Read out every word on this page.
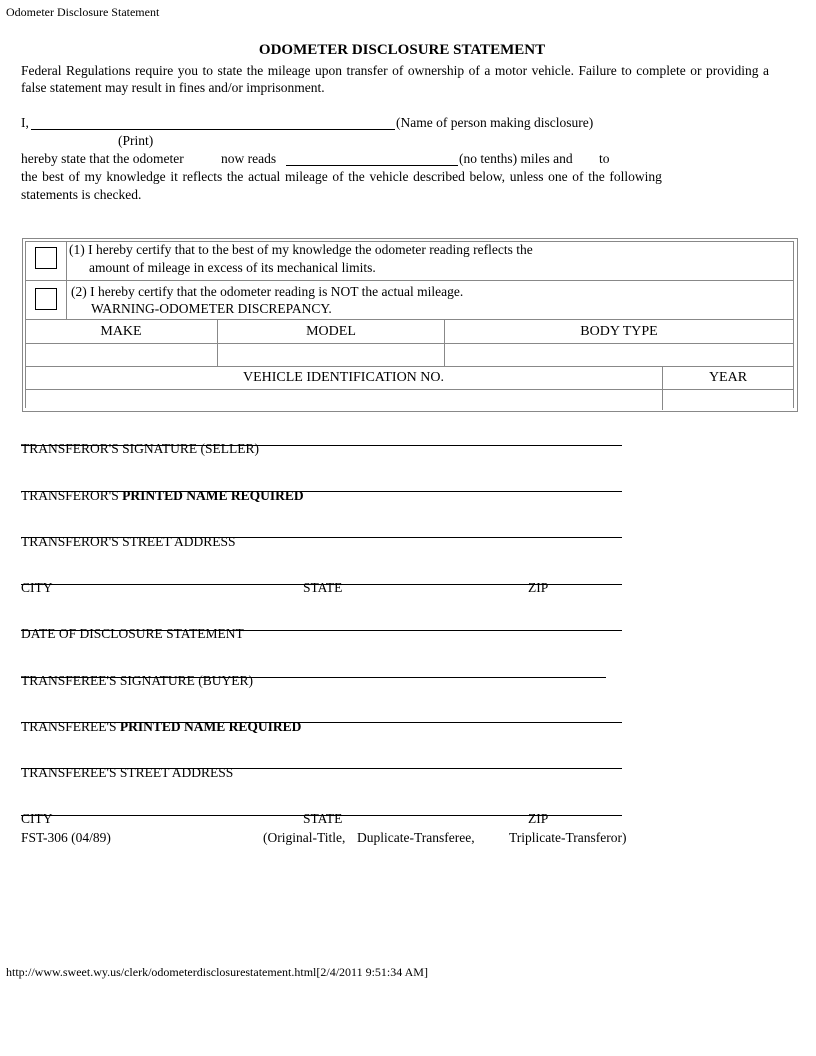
Odometer Disclosure Statement
ODOMETER DISCLOSURE STATEMENT
Federal Regulations require you to state the mileage upon transfer of ownership of a motor vehicle. Failure to complete or providing a false statement may result in fines and/or imprisonment.
I,	(Name of person making disclosure)
(Print)
hereby state that the odometer	now reads	(no tenths) miles and to
the best of my knowledge it reflects the actual mileage of the vehicle described below, unless one of the following
statements is checked.
(1) I hereby certify that to the best of my knowledge the odometer reading reflects the
amount of mileage in excess of its mechanical limits.
(2) I hereby certify that the odometer reading is NOT the actual mileage.
WARNING-ODOMETER DISCREPANCY.
MAKE	MODEL	BODY TYPE
VEHICLE IDENTIFICATION NO.	YEAR
TRANSFEROR'S SIGNATURE (SELLER)
TRANSFEROR'S PRINTED NAME REQUIRED
TRANSFEROR'S STREET ADDRESS
CITY	STATE	ZIP
DATE OF DISCLOSURE STATEMENT
TRANSFEREE'S SIGNATURE (BUYER)
TRANSFEREE'S PRINTED NAME REQUIRED
TRANSFEREE'S STREET ADDRESS
CITY	STATE	ZIP
FST-306 (04/89)	(Original-Title, Duplicate-Transferee,	Triplicate-Transferor)
http://www.sweet.wy.us/clerk/odometerdisclosurestatement.html[2/4/2011 9:51:34 AM]
